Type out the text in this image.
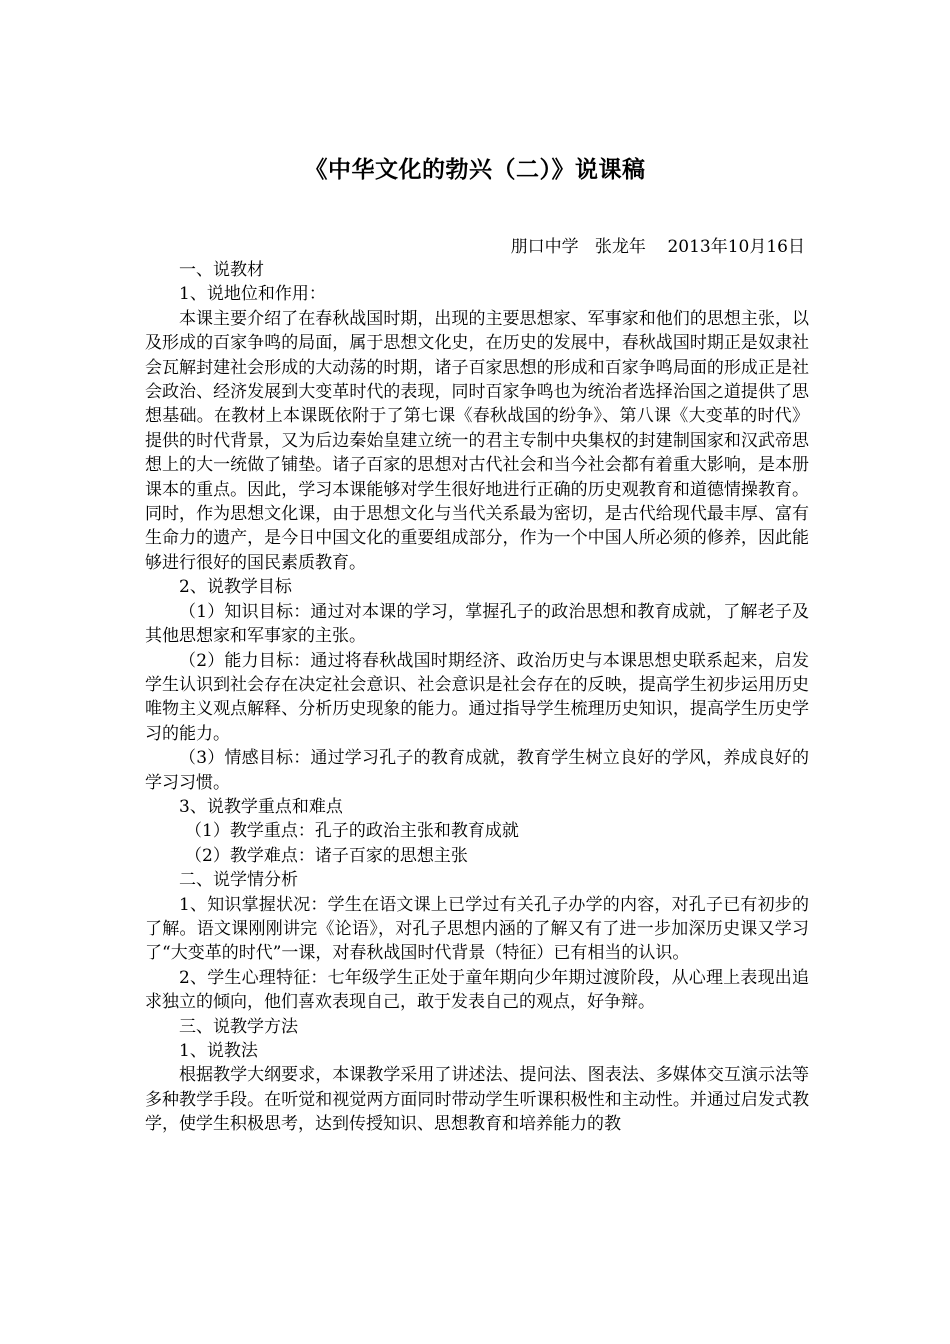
《中华文化的勃兴（二）》说课稿
朋口中学   张龙年    2013年10月16日

一、说教材

1、说地位和作用：

本课主要介绍了在春秋战国时期，出现的主要思想家、军事家和他们的思想主张，以及形成的百家争鸣的局面，属于思想文化史，在历史的发展中，春秋战国时期正是奴隶社会瓦解封建社会形成的大动荡的时期，诸子百家思想的形成和百家争鸣局面的形成正是社会政治、经济发展到大变革时代的表现，同时百家争鸣也为统治者选择治国之道提供了思想基础。在教材上本课既依附于了第七课《春秋战国的纷争》、第八课《大变革的时代》提供的时代背景，又为后边秦始皇建立统一的君主专制中央集权的封建制国家和汉武帝思想上的大一统做了铺垫。诸子百家的思想对古代社会和当今社会都有着重大影响，是本册课本的重点。因此，学习本课能够对学生很好地进行正确的历史观教育和道德情操教育。同时，作为思想文化课，由于思想文化与当代关系最为密切，是古代给现代最丰厚、富有生命力的遗产，是今日中国文化的重要组成部分，作为一个中国人所必须的修养，因此能够进行很好的国民素质教育。

2、说教学目标

（1）知识目标：通过对本课的学习，掌握孔子的政治思想和教育成就，了解老子及其他思想家和军事家的主张。

（2）能力目标：通过将春秋战国时期经济、政治历史与本课思想史联系起来，启发学生认识到社会存在决定社会意识、社会意识是社会存在的反映，提高学生初步运用历史唯物主义观点解释、分析历史现象的能力。通过指导学生梳理历史知识，提高学生历史学习的能力。

（3）情感目标：通过学习孔子的教育成就，教育学生树立良好的学风，养成良好的学习习惯。

3、说教学重点和难点

（1）教学重点：孔子的政治主张和教育成就

（2）教学难点：诸子百家的思想主张

二、说学情分析

1、知识掌握状况：学生在语文课上已学过有关孔子办学的内容，对孔子已有初步的了解。语文课刚刚讲完《论语》，对孔子思想内涵的了解又有了进一步加深历史课又学习了“大变革的时代”一课，对春秋战国时代背景（特征）已有相当的认识。

2、学生心理特征：七年级学生正处于童年期向少年期过渡阶段，从心理上表现出追求独立的倾向，他们喜欢表现自己，敢于发表自己的观点，好争辩。

三、说教学方法

1、说教法

根据教学大纲要求，本课教学采用了讲述法、提问法、图表法、多媒体交互演示法等多种教学手段。在听觉和视觉两方面同时带动学生听课积极性和主动性。并通过启发式教学，使学生积极思考，达到传授知识、思想教育和培养能力的教
